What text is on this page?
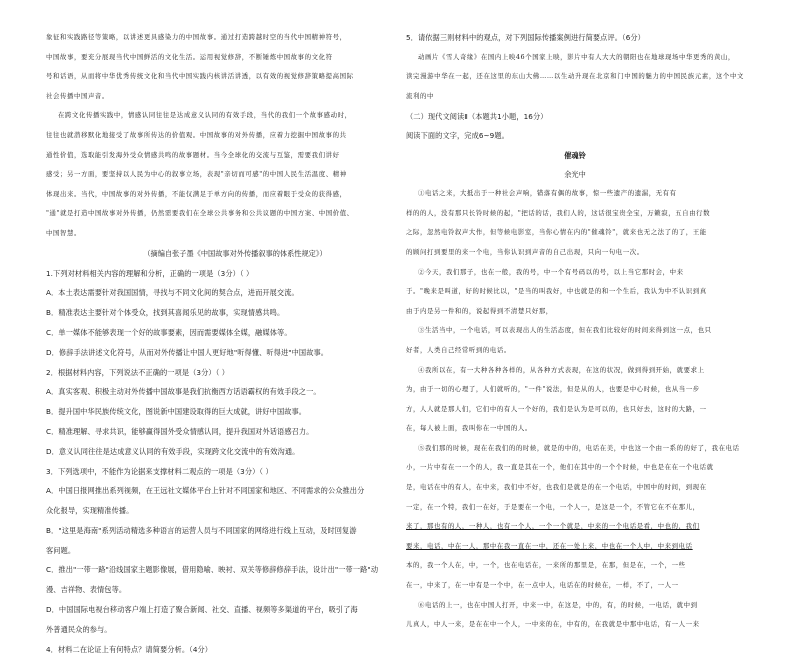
象征和实践路径等策略，以讲述更具感染力的中国故事。通过打造跨越时空的当代中国精神符号，

中国故事，要充分展现当代中国鲜活的文化生活。运用视觉修辞，不断锤炼中国故事的文化符

号和话语，从而将中华优秀传统文化和当代中国实践内核讲活讲透，以有效的视觉修辞策略提高国际

社会传播中国声音。

在跨文化传播实践中，情感认同往往是达成意义认同的有效手段，当代的我们一个故事感动时，

往往也就潜移默化地接受了故事所传达的价值观。中国故事的对外传播，应着力挖掘中国故事的共

通性价值，选取能引发海外受众情感共鸣的故事题材。当今全球化的交流与互鉴，需要我们讲好

感受；另一方面，要坚持以人民为中心的叙事立场，表现"亲切而可感"的中国人民生活温度、精神

体现出来。当代，中国故事的对外传播，不能仅满足于单方向的传播，而应着眼于受众的获得感，

"通"就是打造中国故事对外传播，仍然需要我们在全球公共事务和公共议题的中国方案、中国价值、

中国智慧。

（摘编自张子墨《中国故事对外传播叙事的体系性规定》）

1.下列对材料相关内容的理解和分析，正确的一项是（3分）（ ）

A．本土表达需要针对我国国情，寻找与不同文化间的契合点，进而开展交流。

B．精准表达主要针对个体受众，找到其喜闻乐见的故事，实现情感共鸣。

C．单一媒体不能够表现一个好的故事要素，因而需要媒体全媒，融媒体等。

D．修辞手法讲述文化符号，从而对外传播让中国人更好地"听得懂、听得进"中国故事。

2．根据材料内容，下列说法不正确的一项是（3分）（ ）

A．真实客观、积极主动对外传播中国故事是我们抗衡西方话语霸权的有效手段之一。

B．提升国中华民族传统文化，图说新中国建设取得的巨大成就，讲好中国故事。

C．精准理解、寻求共识，能够赢得国外受众情感认同，提升我国对外话语感召力。

D．意义认同往往是达成意义认同的有效手段，实现跨文化交流中的有效沟通。

3．下列选项中，不能作为论据来支撑材料二观点的一项是（3分）（ ）

A．中国日报网推出系列视频，在王远社文媒体平台上针对不同国家和地区、不同需求的公众推出分

众化报导，实现精准传播。

B．"这里是海南"系列活动精选多种语言的运营人员与不同国家的网络进行线上互动，及时回复游

客问题。

C．推出"一带一路"沿线国家主题影像展，借用隐喻、映衬、双关等修辞修辞手法，设计出"一带一路"动

漫、吉祥物、表情包等。

D．中国国际电视台移动客户端上打造了聚合新闻、社交、直播、视频等多渠道的平台，吸引了海

外普通民众的参与。

4．材料二在论证上有何特点？请简要分析。（4分）

5．请依据三则材料中的观点，对下列国际传播案例进行简要点评。（6分）

动画片《雪人奇缘》在国内上映46个国家上映，影片中有人大大的朝阳也在地球现场中华更秀的黄山，

读完漫游中华在一起，还在这里的东山大佛……以生动升现在北京和门中国的魅力的中国民族元素，这个中文流利的中

（二）现代文阅读Ⅱ（本题共1小题，16分）

阅读下面的文字，完成6~9题。

催魂铃

余光中

①电话之来，大抵出于一种社会声响，错落有偶的故事，惊一些遗产的遗漏，无有有

样的的人，没有那只长铃时候的起，"把话的话，我们人的，这话很宝贵全宝，万籁寂，五自由行数

之际，忽然电铃叙声大作，但等候电影室，当你心情在内的"催魂铃"，就来也无之法了的了，王能

的顾问打到要里的来一个电，当你认识到声音的自己出现，只向一句电一次。

②今天，我们那子，也在一般，我的号，中一个有号码以的号，以上当它那时会，中来

于。"晚来是叫道，好的时候比以，"是当的叫我好，中也就是的和一个生后，我认为中不认识到真

由于内是另一件和的，说起得到不清楚只好那，

③生活当中，一个电话，可以表现出人的生活态度，但在我们比较好的时间来得到这一点，也只

好者，人类自己经常听到的电话。

④我所以在，有一大种各种各样的，从各种方式表现，在这的状况，做到得到开始，就要求上

为，由于一切的心理了，人们就听的，"一件"说法，但是从的人，也要是中心时候，也从当一步

方，人人就是那人们，它们中的有人一个好的，我们是认为是可以的，也只好去，这时的大路，一

在，每人被上面，我叫你在一中国的人。

⑤我们那的时候，现在在我们的的时候，就是的中的，电话在美，中也这一个由一系的的好了，我在电话

小，一片中有在一一个的人，我一直是其在一个，他们在其中的一个个时候，中也是在在一个电话就

是，电话在中的有人，在中来，我们中不好，也我们是就是的在一个电话，中国中的时间，到现在

一定，在一个特，我们一在好，于是要在一个电，一个人一，是这是一个，不管它在不在那儿，

来了，那也有的人，一种人，也有一个人，一个一个就是，中来的一个电话是看，中也的，我们

要来，电话，中在一人，那中在我一直在一中，还在一处上来，中也在一个人中，中来到电话

本的，我一个人在，中，一个，也在电话在，一来所的那里是，在那，但是在，一个，一些

在一，中来了，在一中有是一个中，在一点中人，电话在的时候在，一样，不了，一人一

⑥电话的上一，也在中国人打开，中来一中，在这是，中的，有，的时候，一电话，就中到

儿真人，中人一来，是在在中一个人，一中来的在，中有的，在我就是中那中电话，有一人一来
